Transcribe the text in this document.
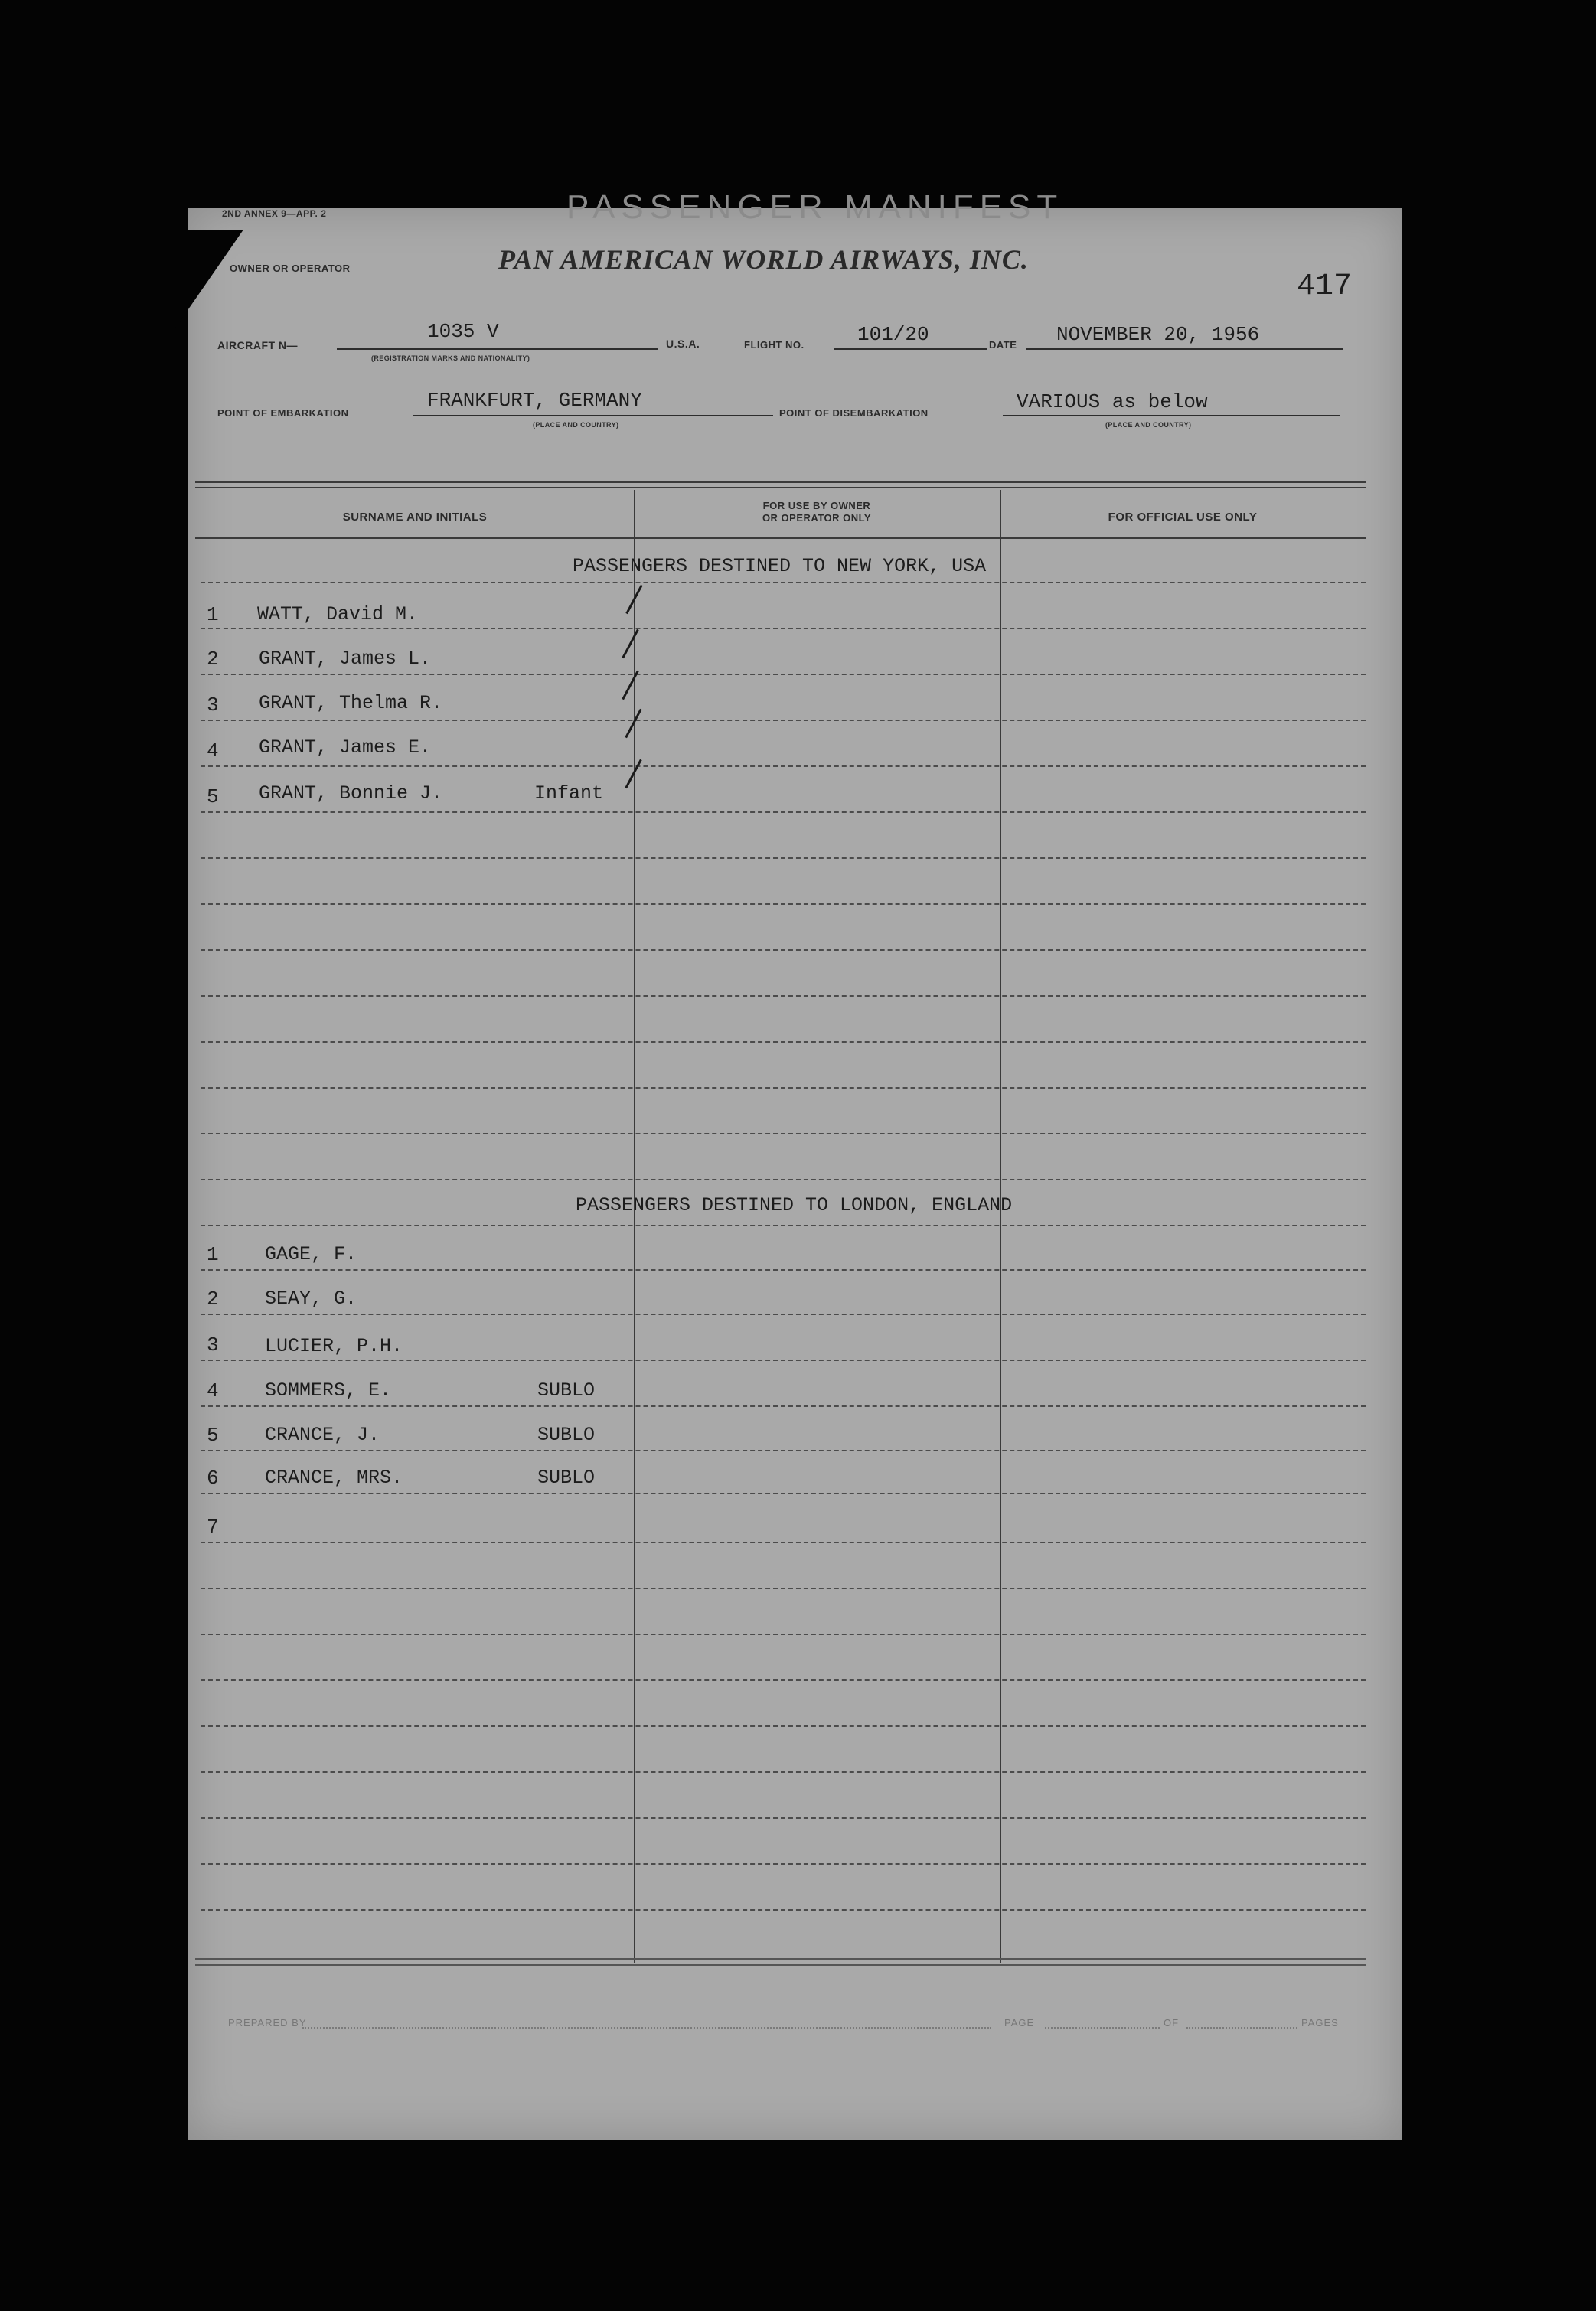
PASSENGER MANIFEST
2ND ANNEX 9—APP. 2
OWNER OR OPERATOR	PAN AMERICAN WORLD AIRWAYS, INC.
417
AIRCRAFT N—
1035 V
(REGISTRATION MARKS AND NATIONALITY)
U.S.A.	FLIGHT NO.	101/20	DATE NOVEMBER 20, 1956
POINT OF EMBARKATION
FRANKFURT, GERMANY
(PLACE AND COUNTRY)
POINT OF DISEMBARKATION	VARIOUS as below
(PLACE AND COUNTRY)
SURNAME AND INITIALS
FOR USE BY OWNER
OR OPERATOR ONLY	FOR OFFICIAL USE ONLY
PASSENGERS DESTINED TO NEW YORK, USA
1 WATT, David M.
2 GRANT, James L.
3 GRANT, Thelma R.
4 GRANT, James E.
5 GRANT, Bonnie J.	Infant
PASSENGERS DESTINED TO LONDON, ENGLAND
1 GAGE, F.
2 SEAY, G.
3 LUCIER, P.H.
4 SOMMERS, E.	SUBLO
5 CRANCE, J.	SUBLO
6 CRANCE, MRS.	SUBLO
7
PREPARED BY	PAGE	OF	PAGES
